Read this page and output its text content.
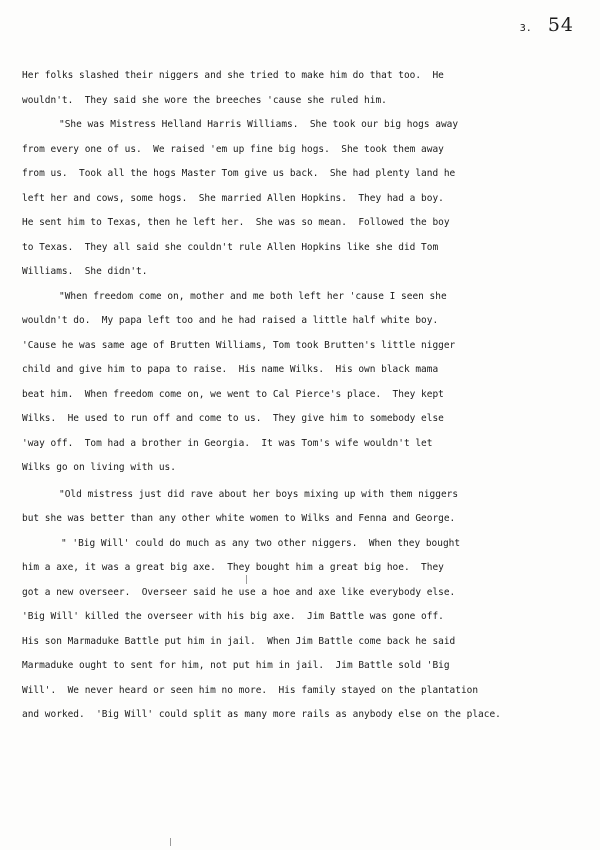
3. 54
Her folks slashed their niggers and she tried to make him do that too.  He
wouldn't.  They said she wore the breeches 'cause she ruled him.
"She was Mistress Helland Harris Williams.  She took our big hogs away
from every one of us.  We raised 'em up fine big hogs.  She took them away
from us.  Took all the hogs Master Tom give us back.  She had plenty land he
left her and cows, some hogs.  She married Allen Hopkins.  They had a boy.
He sent him to Texas, then he left her.  She was so mean.  Followed the boy
to Texas.  They all said she couldn't rule Allen Hopkins like she did Tom
Williams.  She didn't.
"When freedom come on, mother and me both left her 'cause I seen she
wouldn't do.  My papa left too and he had raised a little half white boy.
'Cause he was same age of Brutten Williams, Tom took Brutten's little nigger
child and give him to papa to raise.  His name Wilks.  His own black mama
beat him.  When freedom come on, we went to Cal Pierce's place.  They kept
Wilks.  He used to run off and come to us.  They give him to somebody else
'way off.  Tom had a brother in Georgia.  It was Tom's wife wouldn't let
Wilks go on living with us.
"Old mistress just did rave about her boys mixing up with them niggers
but she was better than any other white women to Wilks and Fenna and George.
" 'Big Will' could do much as any two other niggers.  When they bought
him a axe, it was a great big axe.  They bought him a great big hoe.  They
got a new overseer.  Overseer said he use a hoe and axe like everybody else.
'Big Will' killed the overseer with his big axe.  Jim Battle was gone off.
His son Marmaduke Battle put him in jail.  When Jim Battle come back he said
Marmaduke ought to sent for him, not put him in jail.  Jim Battle sold 'Big
Will'.  We never heard or seen him no more.  His family stayed on the plantation
and worked.  'Big Will' could split as many more rails as anybody else on the place.
